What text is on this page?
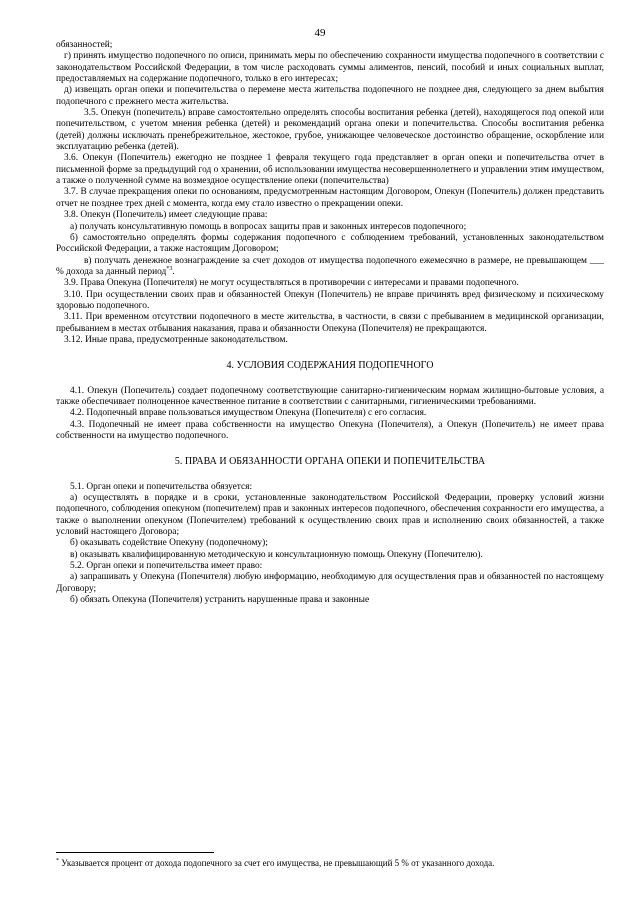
49

обязанностей;

г) принять имущество подопечного по описи, принимать меры по обеспечению сохранности имущества подопечного в соответствии с законодательством Российской Федерации, в том числе расходовать суммы алиментов, пенсий, пособий и иных социальных выплат, предоставляемых на содержание подопечного, только в его интересах;

д) извещать орган опеки и попечительства о перемене места жительства подопечного не позднее дня, следующего за днем выбытия подопечного с прежнего места жительства.

3.5. Опекун (попечитель) вправе самостоятельно определять способы воспитания ребенка (детей), находящегося под опекой или попечительством, с учетом мнения ребенка (детей) и рекомендаций органа опеки и попечительства. Способы воспитания ребенка (детей) должны исключать пренебрежительное, жестокое, грубое, унижающее человеческое достоинство обращение, оскорбление или эксплуатацию ребенка (детей).

3.6. Опекун (Попечитель) ежегодно не позднее 1 февраля текущего года представляет в орган опеки и попечительства отчет в письменной форме за предыдущий год о хранении, об использовании имущества несовершеннолетнего и управлении этим имуществом, а также о полученной сумме на возмездное осуществление опеки (попечительства)

3.7. В случае прекращения опеки по основаниям, предусмотренным настоящим Договором, Опекун (Попечитель) должен представить отчет не позднее трех дней с момента, когда ему стало известно о прекращении опеки.

3.8. Опекун (Попечитель) имеет следующие права:

а) получать консультативную помощь в вопросах защиты прав и законных интересов подопечного;

б) самостоятельно определять формы содержания подопечного с соблюдением требований, установленных законодательством Российской Федерации, а также настоящим Договором;

в) получать денежное вознаграждение за счет доходов от имущества подопечного ежемесячно в размере, не превышающем ___ % дохода за данный период$^{*3}$.

3.9. Права Опекуна (Попечителя) не могут осуществляться в противоречии с интересами и правами подопечного.

3.10. При осуществлении своих прав и обязанностей Опекун (Попечитель) не вправе причинять вред физическому и психическому здоровью подопечного.

3.11. При временном отсутствии подопечного в месте жительства, в частности, в связи с пребыванием в медицинской организации, пребыванием в местах отбывания наказания, права и обязанности Опекуна (Попечителя) не прекращаются.

3.12. Иные права, предусмотренные законодательством.

4. УСЛОВИЯ СОДЕРЖАНИЯ ПОДОПЕЧНОГО

4.1. Опекун (Попечитель) создает подопечному соответствующие санитарно-гигиеническим нормам жилищно-бытовые условия, а также обеспечивает полноценное качественное питание в соответствии с санитарными, гигиеническими требованиями.

4.2. Подопечный вправе пользоваться имуществом Опекуна (Попечителя) с его согласия.

4.3. Подопечный не имеет права собственности на имущество Опекуна (Попечителя), а Опекун (Попечитель) не имеет права собственности на имущество подопечного.

5. ПРАВА И ОБЯЗАННОСТИ ОРГАНА ОПЕКИ И ПОПЕЧИТЕЛЬСТВА

5.1. Орган опеки и попечительства обязуется:

а) осуществлять в порядке и в сроки, установленные законодательством Российской Федерации, проверку условий жизни подопечного, соблюдения опекуном (попечителем) прав и законных интересов подопечного, обеспечения сохранности его имущества, а также о выполнении опекуном (Попечителем) требований к осуществлению своих прав и исполнению своих обязанностей, а также условий настоящего Договора;

б) оказывать содействие Опекуну (подопечному);

в) оказывать квалифицированную методическую и консультационную помощь Опекуну (Попечителю).

5.2. Орган опеки и попечительства имеет право:

а) запрашивать у Опекуна (Попечителя) любую информацию, необходимую для осуществления прав и обязанностей по настоящему Договору;

б) обязать Опекуна (Попечителя) устранить нарушенные права и законные

* Указывается процент от дохода подопечного за счет его имущества, не превышающий 5 % от указанного дохода.
